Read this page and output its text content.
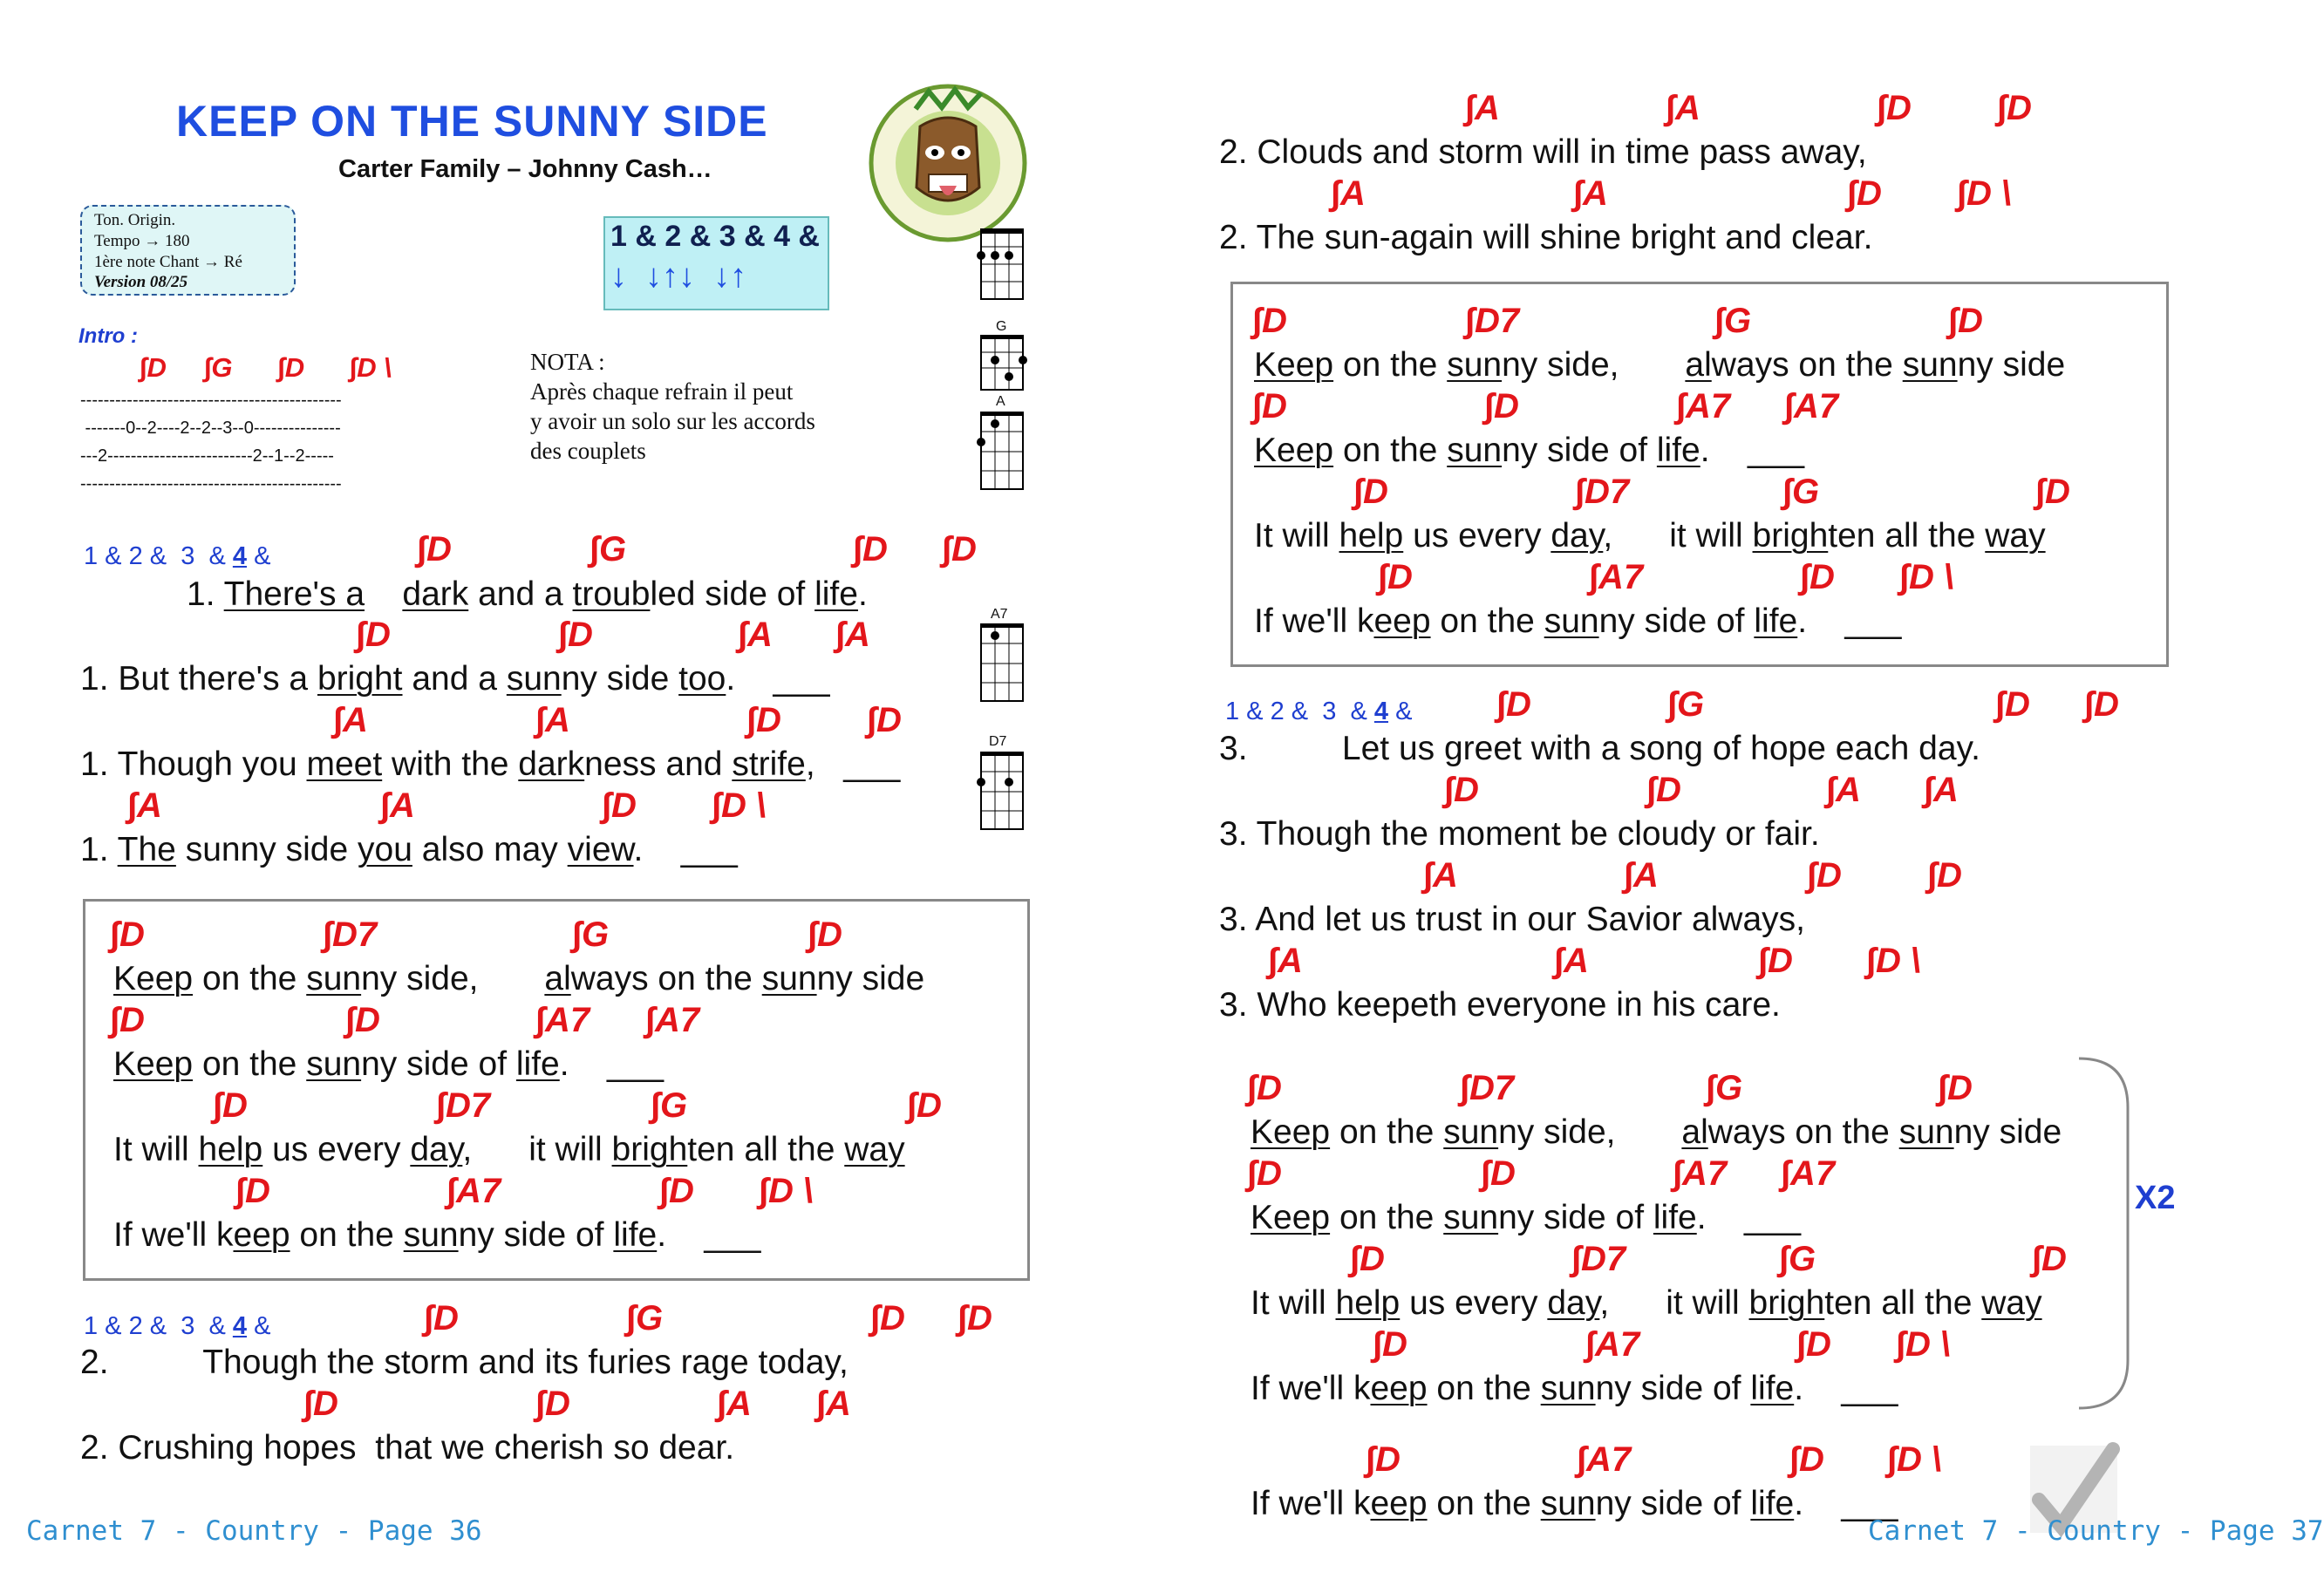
KEEP ON THE SUNNY SIDE
Carter Family – Johnny Cash…
Ton. Origin.
Tempo → 180
1ère note Chant → Ré
Version 08/25
1 & 2 & 3 & 4 &
↓  ↓↑↓  ↓↑
G
A
A7
D7
Intro :
∫D     ∫G      ∫D      ∫D \
---------------------------------------------
-------0--2----2--2--3--0---------------
---2-------------------------2--1--2-----
---------------------------------------------
NOTA :
Après chaque refrain il peut
y avoir un solo sur les accords
des couplets
1 & 2 &  3  & 4 &	∫D	∫G	∫D ∫D
1. There's a dark and a troubled side of life.
∫D	∫D	∫A ∫A
1. But there's a bright and a sunny side too. ___
∫A	∫A	∫D ∫D
1. Though you meet with the darkness and strife, ___
∫A	∫A	∫D ∫D \
1. The sunny side you also may view. ___
∫D	∫D7	∫G	∫D
Keep on the sunny side, always on the sunny side
∫D	∫D	∫A7 ∫A7
Keep on the sunny side of life. ___
∫D	∫D7	∫G	∫D
It will help us every day, it will brighten all the way
∫D	∫A7	∫D ∫D \
If we'll keep on the sunny side of life. ___
1 & 2 &  3  & 4 &	∫D	∫G	∫D ∫D
2.	Though the storm and its furies rage today,
∫D	∫D	∫A ∫A
2. Crushing hopes  that we cherish so dear.
Carnet 7 - Country - Page 36
∫A	∫A	∫D ∫D
2. Clouds and storm will in time pass away,
∫A	∫A	∫D ∫D \
2. The sun-again will shine bright and clear.
∫D	∫D7	∫G	∫D
Keep on the sunny side, always on the sunny side
∫D	∫D	∫A7 ∫A7
Keep on the sunny side of life. ___
∫D	∫D7	∫G	∫D
It will help us every day, it will brighten all the way
∫D	∫A7	∫D ∫D \
If we'll keep on the sunny side of life. ___
1 & 2 &  3  & 4 & ∫D	∫G	∫D ∫D
3.	Let us greet with a song of hope each day.
∫D	∫D	∫A ∫A
3. Though the moment be cloudy or fair.
∫A	∫A	∫D ∫D
3. And let us trust in our Savior always,
∫A	∫A	∫D ∫D \
3. Who keepeth everyone in his care.
∫D	∫D7	∫G	∫D
Keep on the sunny side, always on the sunny side
∫D	∫D	∫A7 ∫A7
Keep on the sunny side of life. ___
∫D	∫D7	∫G	∫D
It will help us every day, it will brighten all the way
∫D	∫A7	∫D ∫D \
If we'll keep on the sunny side of life. ___
X2
∫D	∫A7	∫D ∫D \
If we'll keep on the sunny side of life. ___
Carnet 7 - Country - Page 37
